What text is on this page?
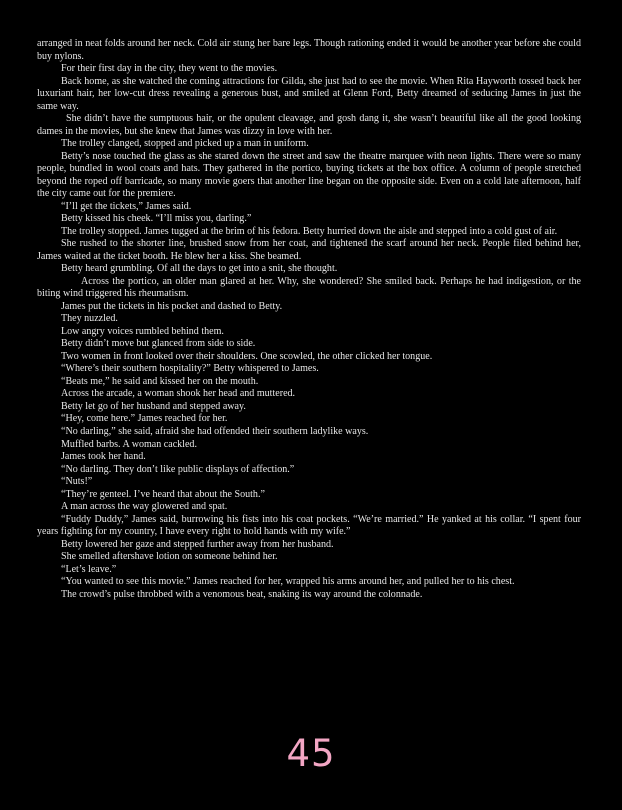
arranged in neat folds around her neck. Cold air stung her bare legs. Though rationing ended it would be another year before she could buy nylons.

For their first day in the city, they went to the movies.

Back home, as she watched the coming attractions for Gilda, she just had to see the movie. When Rita Hayworth tossed back her luxuriant hair, her low-cut dress revealing a generous bust, and smiled at Glenn Ford, Betty dreamed of seducing James in just the same way.

She didn’t have the sumptuous hair, or the opulent cleavage, and gosh dang it, she wasn’t beautiful like all the good looking dames in the movies, but she knew that James was dizzy in love with her.

The trolley clanged, stopped and picked up a man in uniform.

Betty’s nose touched the glass as she stared down the street and saw the theatre marquee with neon lights. There were so many people, bundled in wool coats and hats. They gathered in the portico, buying tickets at the box office. A column of people stretched beyond the roped off barricade, so many movie goers that another line began on the opposite side. Even on a cold late afternoon, half the city came out for the premiere.

“I’ll get the tickets,” James said.

Betty kissed his cheek. “I’ll miss you, darling.”

The trolley stopped. James tugged at the brim of his fedora. Betty hurried down the aisle and stepped into a cold gust of air.

She rushed to the shorter line, brushed snow from her coat, and tightened the scarf around her neck. People filed behind her, James waited at the ticket booth. He blew her a kiss. She beamed.

Betty heard grumbling. Of all the days to get into a snit, she thought.

Across the portico, an older man glared at her. Why, she wondered? She smiled back. Perhaps he had indigestion, or the biting wind triggered his rheumatism.

James put the tickets in his pocket and dashed to Betty.

They nuzzled.

Low angry voices rumbled behind them.

Betty didn’t move but glanced from side to side.

Two women in front looked over their shoulders. One scowled, the other clicked her tongue.

“Where’s their southern hospitality?” Betty whispered to James.

“Beats me,” he said and kissed her on the mouth.

Across the arcade, a woman shook her head and muttered.

Betty let go of her husband and stepped away.

“Hey, come here.” James reached for her.

“No darling,” she said, afraid she had offended their southern ladylike ways.

Muffled barbs. A woman cackled.

James took her hand.

“No darling. They don’t like public displays of affection.”

“Nuts!”

“They’re genteel. I’ve heard that about the South.”

A man across the way glowered and spat.

“Fuddy Duddy,” James said, burrowing his fists into his coat pockets. “We’re married.” He yanked at his collar. “I spent four years fighting for my country, I have every right to hold hands with my wife.”

Betty lowered her gaze and stepped further away from her husband.

She smelled aftershave lotion on someone behind her.

“Let’s leave.”

“You wanted to see this movie.” James reached for her, wrapped his arms around her, and pulled her to his chest.

The crowd’s pulse throbbed with a venomous beat, snaking its way around the colonnade.

45
